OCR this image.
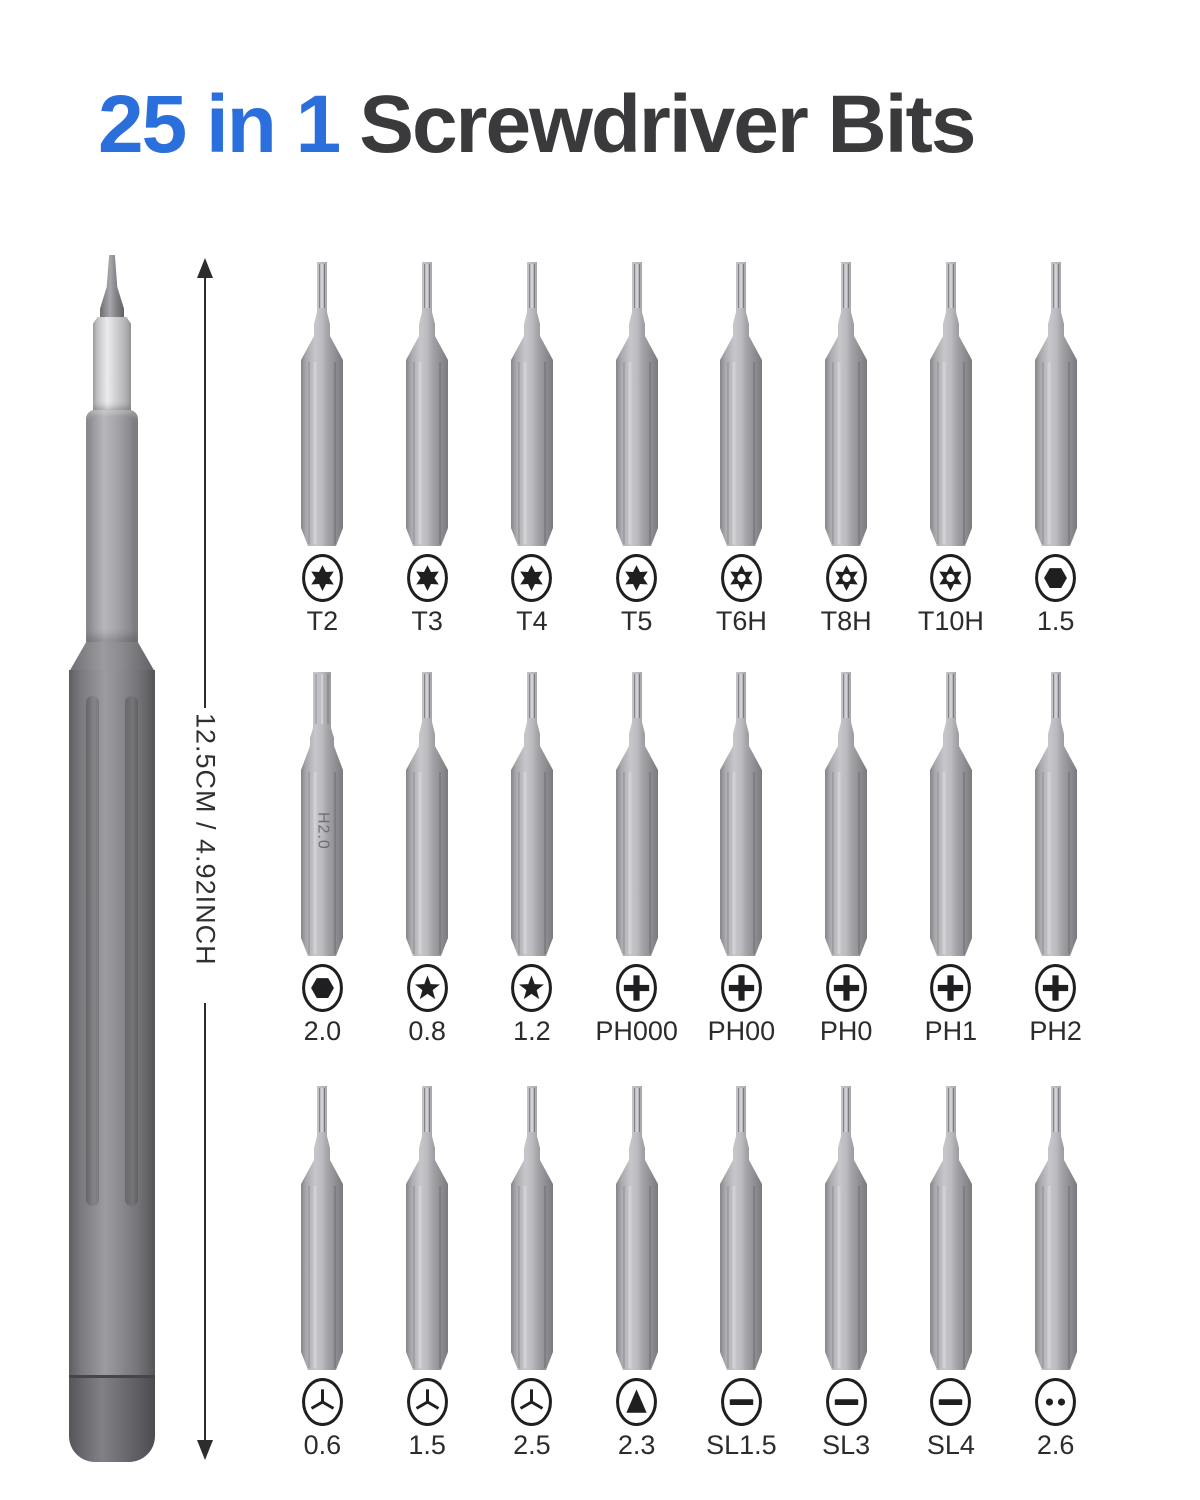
25 in 1 Screwdriver Bits
12.5CM / 4.92INCH
T2	T3	T4	T5 T6H T8H T10H 1.5
H2.0
2.0 0.8 1.2 PH000 PH00 PH0 PH1 PH2
0.6 1.5 2.5 2.3 SL1.5 SL3 SL4 2.6
